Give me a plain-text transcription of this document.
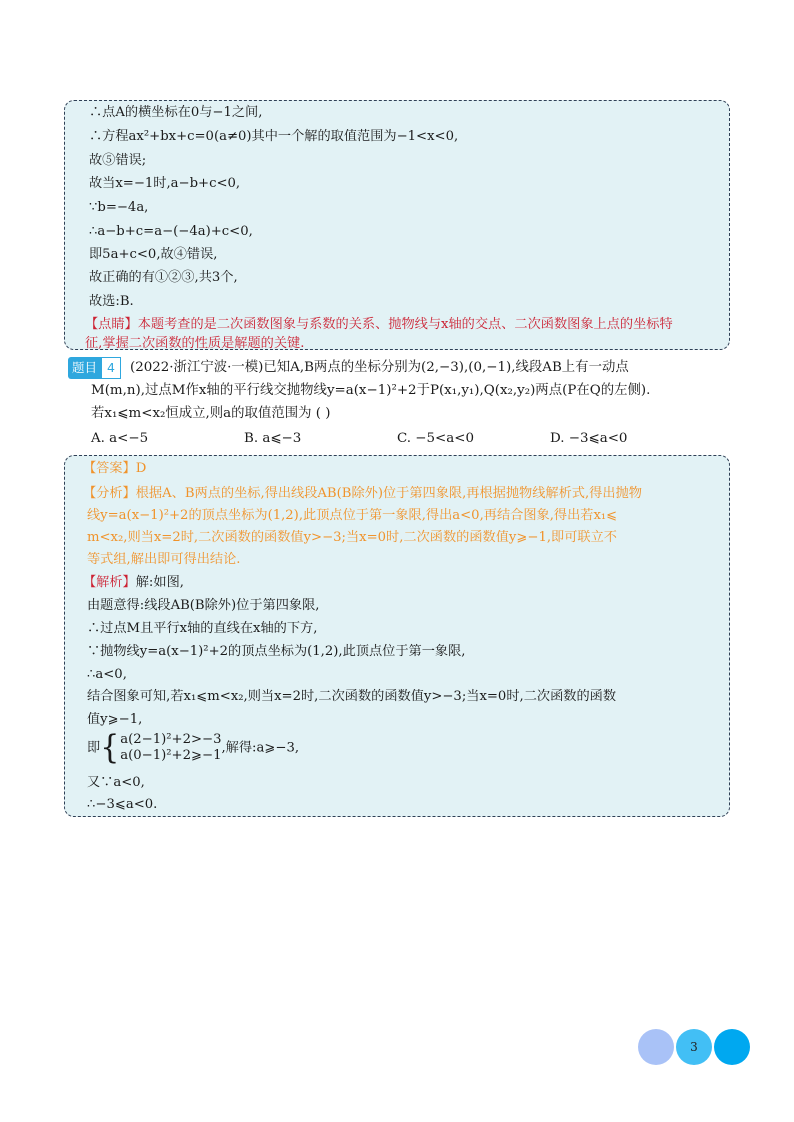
∴点A的横坐标在0与−1之间,
∴方程ax²+bx+c=0(a≠0)其中一个解的取值范围为−1<x<0,
故⑤错误;
故当x=−1时,a−b+c<0,
∵b=−4a,
∴a−b+c=a−(−4a)+c<0,
即5a+c<0,故④错误,
故正确的有①②③,共3个,
故选:B.
【点睛】本题考查的是二次函数图象与系数的关系、抛物线与x轴的交点、二次函数图象上点的坐标特
征,掌握二次函数的性质是解题的关键.
题目 4	(2022·浙江宁波·一模)已知A,B两点的坐标分别为(2,−3),(0,−1),线段AB上有一动点
M(m,n),过点M作x轴的平行线交抛物线y=a(x−1)²+2于P(x₁,y₁),Q(x₂,y₂)两点(P在Q的左侧).
若x₁⩽m<x₂恒成立,则a的取值范围为 ( )
A. a<−5	B. a⩽−3	C. −5<a<0	D. −3⩽a<0
【答案】D
【分析】根据A、B两点的坐标,得出线段AB(B除外)位于第四象限,再根据抛物线解析式,得出抛物
线y=a(x−1)²+2的顶点坐标为(1,2),此顶点位于第一象限,得出a<0,再结合图象,得出若x₁⩽
m<x₂,则当x=2时,二次函数的函数值y>−3;当x=0时,二次函数的函数值y⩾−1,即可联立不
等式组,解出即可得出结论.
【解析】解:如图,
由题意得:线段AB(B除外)位于第四象限,
∴过点M且平行x轴的直线在x轴的下方,
∵抛物线y=a(x−1)²+2的顶点坐标为(1,2),此顶点位于第一象限,
∴a<0,
结合图象可知,若x₁⩽m<x₂,则当x=2时,二次函数的函数值y>−3;当x=0时,二次函数的函数
值y⩾−1,
即{a(2−1)²+2>−3
a(0−1)²+2⩾−1,解得:a⩾−3,
又∵a<0,
∴−3⩽a<0.
3
